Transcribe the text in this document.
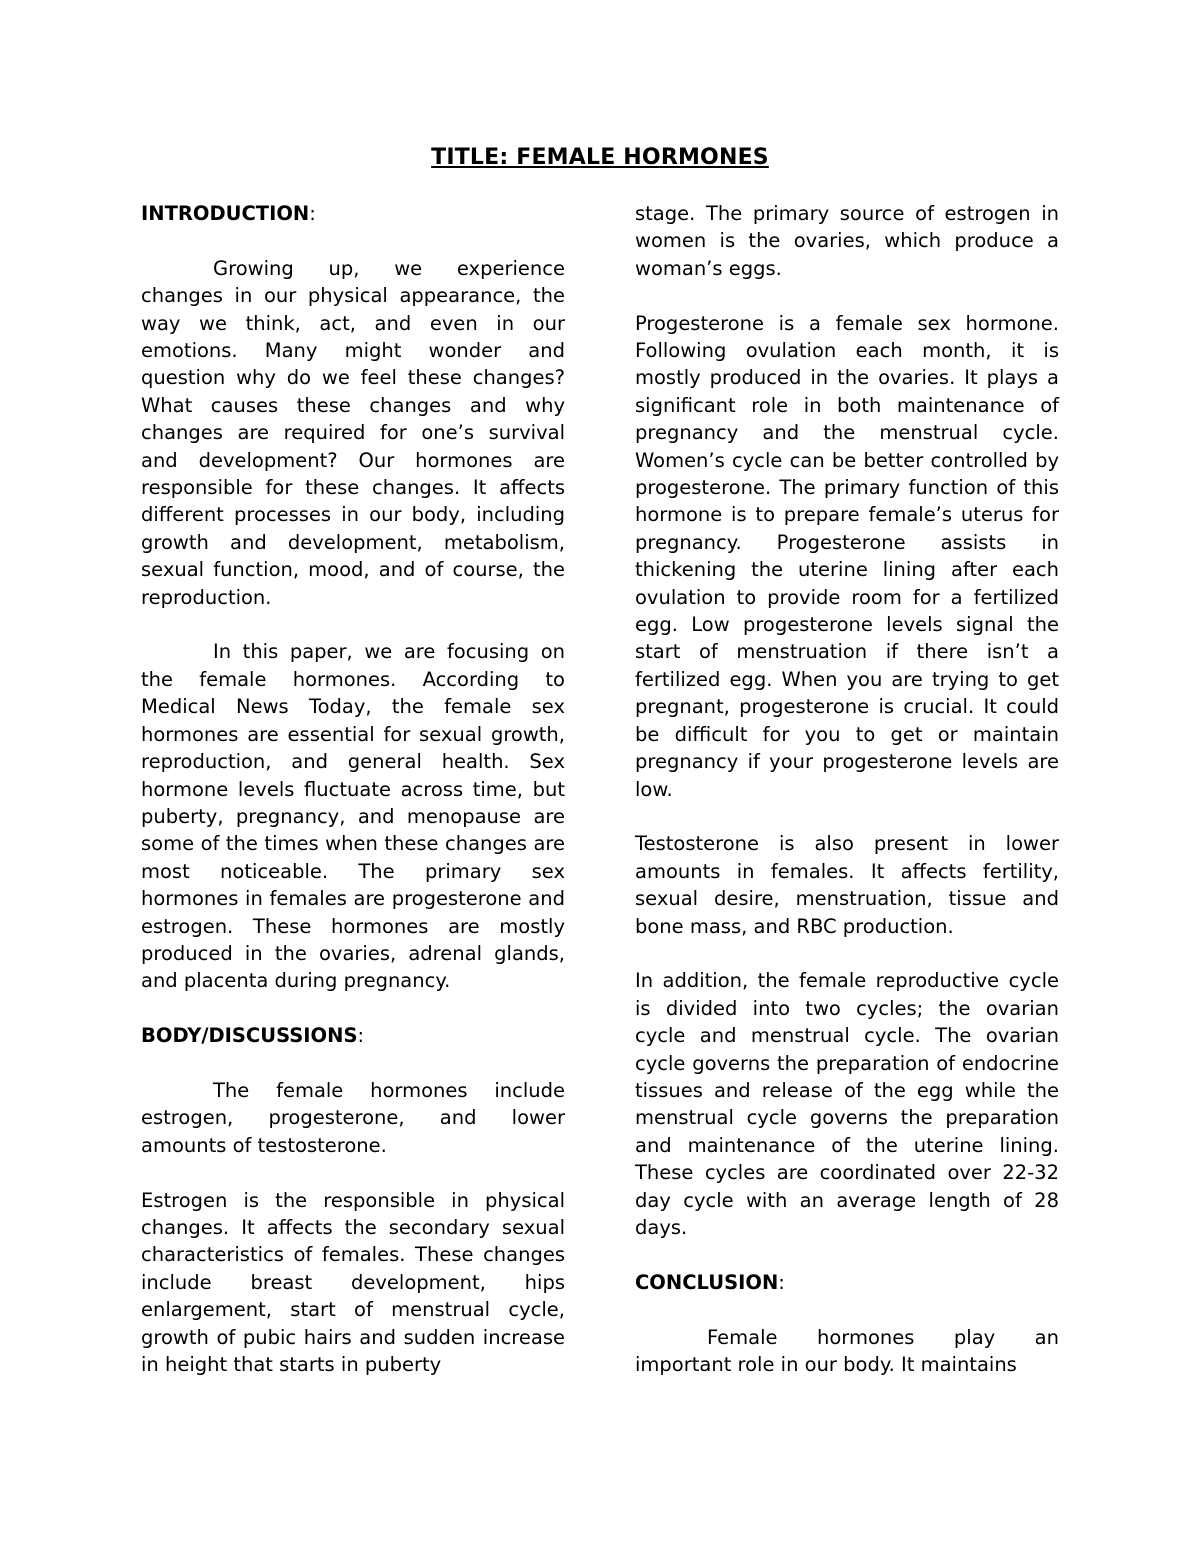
TITLE: FEMALE HORMONES
INTRODUCTION:

Growing up, we experience changes in our physical appearance, the way we think, act, and even in our emotions. Many might wonder and question why do we feel these changes? What causes these changes and why changes are required for one’s survival and development? Our hormones are responsible for these changes. It affects different processes in our body, including growth and development, metabolism, sexual function, mood, and of course, the reproduction.

In this paper, we are focusing on the female hormones. According to Medical News Today, the female sex hormones are essential for sexual growth, reproduction, and general health. Sex hormone levels fluctuate across time, but puberty, pregnancy, and menopause are some of the times when these changes are most noticeable. The primary sex hormones in females are progesterone and estrogen. These hormones are mostly produced in the ovaries, adrenal glands, and placenta during pregnancy.

BODY/DISCUSSIONS:

The female hormones include estrogen, progesterone, and lower amounts of testosterone.

Estrogen is the responsible in physical changes. It affects the secondary sexual characteristics of females. These changes include breast development, hips enlargement, start of menstrual cycle, growth of pubic hairs and sudden increase in height that starts in puberty

stage. The primary source of estrogen in women is the ovaries, which produce a woman’s eggs.

Progesterone is a female sex hormone. Following ovulation each month, it is mostly produced in the ovaries. It plays a significant role in both maintenance of pregnancy and the menstrual cycle. Women’s cycle can be better controlled by progesterone. The primary function of this hormone is to prepare female’s uterus for pregnancy. Progesterone assists in thickening the uterine lining after each ovulation to provide room for a fertilized egg. Low progesterone levels signal the start of menstruation if there isn’t a fertilized egg. When you are trying to get pregnant, progesterone is crucial. It could be difficult for you to get or maintain pregnancy if your progesterone levels are low.

Testosterone is also present in lower amounts in females. It affects fertility, sexual desire, menstruation, tissue and bone mass, and RBC production.

In addition, the female reproductive cycle is divided into two cycles; the ovarian cycle and menstrual cycle. The ovarian cycle governs the preparation of endocrine tissues and release of the egg while the menstrual cycle governs the preparation and maintenance of the uterine lining. These cycles are coordinated over 22-32 day cycle with an average length of 28 days.

CONCLUSION:

Female hormones play an important role in our body. It maintains
